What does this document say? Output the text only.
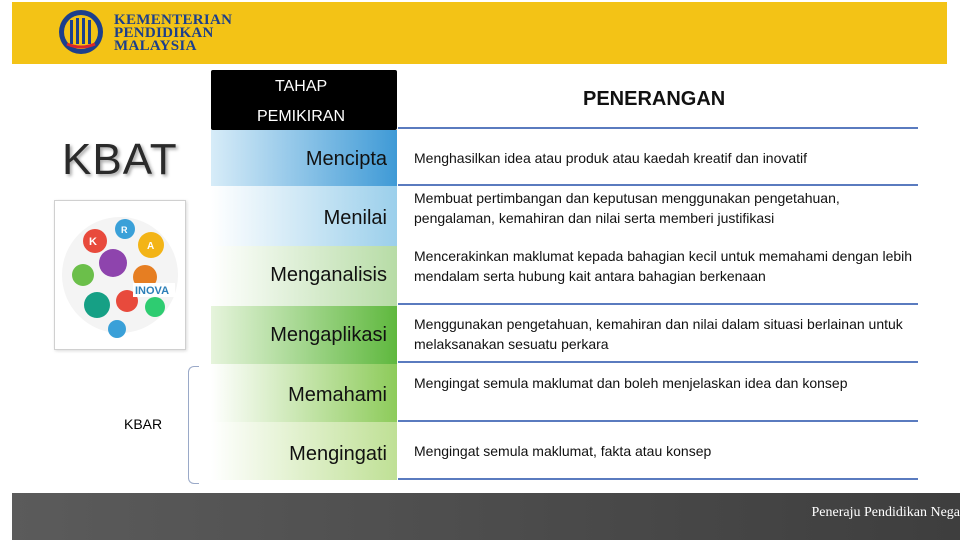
KEMENTERIAN
PENDIDIKAN
MALAYSIA
KBAT
K
R
A
INOVA
KBAR
TAHAP
PEMIKIRAN
PENERANGAN
Mencipta
Menilai
Menganalisis
Mengaplikasi
Memahami
Mengingati
Menghasilkan idea atau produk atau kaedah kreatif dan inovatif
Membuat pertimbangan dan keputusan menggunakan pengetahuan, pengalaman, kemahiran dan nilai serta memberi justifikasi
Mencerakinkan maklumat kepada bahagian kecil untuk memahami dengan lebih mendalam serta hubung kait antara bahagian berkenaan
Menggunakan pengetahuan, kemahiran dan nilai dalam situasi berlainan untuk melaksanakan sesuatu perkara
Mengingat semula maklumat dan boleh menjelaskan idea dan konsep
Mengingat semula maklumat, fakta atau konsep
Peneraju Pendidikan Nega
